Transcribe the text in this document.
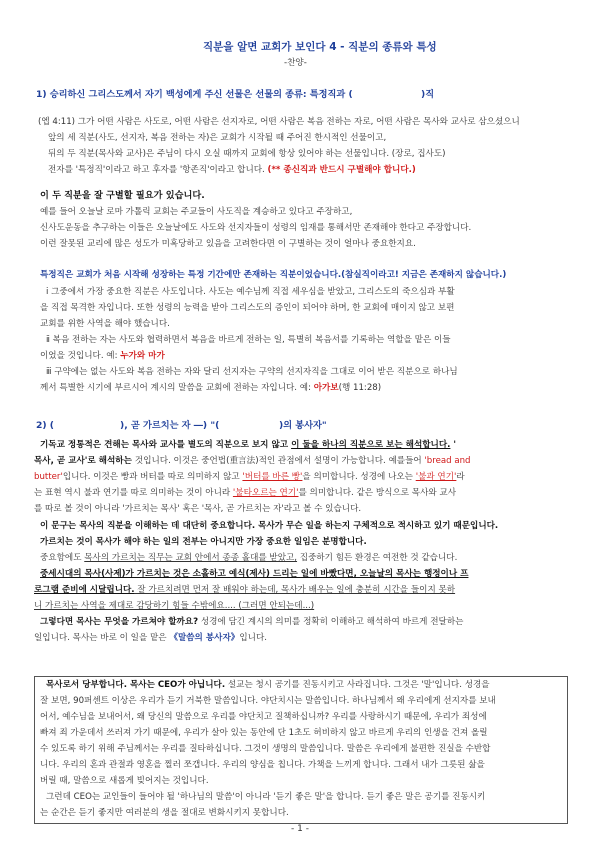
직분을 알면 교회가 보인다 4 - 직분의 종류와 특성
-찬양-
1) 승리하신 그리스도께서 자기 백성에게 주신 선물은 선물의 종류: 특정직과 (	)직
(엡 4:11) 그가 어떤 사람은 사도로, 어떤 사람은 선지자로, 어떤 사람은 복음 전하는 자로, 어떤 사람은 목사와 교사로 삼으셨으니
앞의 세 직분(사도, 선지자, 복음 전하는 자)은 교회가 시작될 때 주어진 한시적인 선물이고,
뒤의 두 직분(목사와 교사)은 주님이 다시 오실 때까지 교회에 항상 있어야 하는 선물입니다. (장로, 집사도)
전자를 '특정직'이라고 하고 후자를 '항존직'이라고 합니다. (** 종신직과 반드시 구별해야 합니다.)
이 두 직분을 잘 구별할 필요가 있습니다.
예를 들어 오늘날 로마 가톨릭 교회는 주교들이 사도직을 계승하고 있다고 주장하고,
신사도운동을 추구하는 이들은 오늘날에도 사도와 선지자들이 성령의 임재를 통해서만 존재해야 한다고 주장합니다.
이런 잘못된 교리에 많은 성도가 미혹당하고 있음을 고려한다면 이 구별하는 것이 얼마나 중요한지요.
특정직은 교회가 처음 시작해 성장하는 특정 기간에만 존재하는 직분이었습니다.(참실직이라고! 지금은 존재하지 않습니다.)
ⅰ 그중에서 가장 중요한 직분은 사도입니다. 사도는 예수님께 직접 세우심을 받았고, 그리스도의 죽으심과 부활
을 직접 목격한 자입니다. 또한 성령의 능력을 받아 그리스도의 증인이 되어야 하며, 한 교회에 매이지 않고 보편
교회를 위한 사역을 해야 했습니다.
ⅱ 복음 전하는 자는 사도와 협력하면서 복음을 바르게 전하는 일, 특별히 복음서를 기록하는 역할을 맡은 이들
이었을 것입니다. 예: 누가와 마가
ⅲ 구약에는 없는 사도와 복음 전하는 자와 달리 선지자는 구약의 선지자직을 그대로 이어 받은 직분으로 하나님
께서 특별한 시기에 부르시어 계시의 말씀을 교회에 전하는 자입니다. 예: 아가보(행 11:28)
2) (	), 곧 가르치는 자 ―) "(	)의 봉사자"
기독교 정통적은 견해는 목사와 교사를 별도의 직분으로 보지 않고 이 둘을 하나의 직분으로 보는 해석합니다. '
목사, 곧 교사'로 해석하는 것입니다. 이것은 중언법(重言法)적인 관점에서 설명이 가능합니다. 예를들어 'bread and
butter'입니다. 이것은 빵과 버터를 따로 의미하지 않고 '버터를 바른 빵'을 의미합니다. 성경에 나오는 '불과 연기'라
는 표현 역시 불과 연기를 따로 의미하는 것이 아니라 '불타오르는 연기'를 의미합니다. 같은 방식으로 목사와 교사
를 따로 볼 것이 아니라 '가르치는 목사' 혹은 '목사, 곧 가르치는 자'라고 볼 수 있습니다.
이 문구는 목사의 직분을 이해하는 데 대단히 중요합니다. 목사가 무슨 일을 하는지 구체적으로 적시하고 있기 때문입니다.
가르치는 것이 목사가 해야 하는 일의 전부는 아니지만 가장 중요한 일임은 분명합니다.
중요함에도 목사의 가르치는 직무는 교회 안에서 종종 홀대를 받았고, 집중하기 힘든 환경은 여전한 것 같습니다.
중세시대의 목사(사제)가 가르치는 것은 소홀하고 예식(제사) 드리는 일에 바빴다면, 오늘날의 목사는 행정이나 프
로그램 준비에 시달립니다. 잘 가르치려면 먼저 잘 배워야 하는데, 목사가 배우는 일에 충분히 시간을 들이지 못하
니 가르치는 사역을 제대로 감당하기 힘들 수밖에요.... (그러면 안되는데...)
그렇다면 목사는 무엇을 가르쳐야 할까요? 성경에 담긴 계시의 의미를 정확히 이해하고 해석하여 바르게 전달하는
일입니다. 목사는 바로 이 일을 맡은 《말씀의 봉사자》입니다.
목사로서 당부합니다. 목사는 CEO가 아닙니다. 설교는 청시 공기를 진동시키고 사라집니다. 그것은 '말'입니다. 성경을
잘 보면, 90퍼센트 이상은 우리가 듣기 거북한 말씀입니다. 야단치시는 말씀입니다. 하나님께서 왜 우리에게 선지자를 보내
어서, 예수님을 보내어서, 왜 당신의 말씀으로 우리를 야단치고 질책하십니까? 우리를 사랑하시기 때문에, 우리가 죄성에
빠져 죄 가운데서 쓰러져 가기 때문에, 우리가 살아 있는 동안에 단 1초도 허비하지 않고 바르게 우리의 인생을 건져 올릴
수 있도록 하기 위해 주님께서는 우리를 질타하십니다. 그것이 생명의 말씀입니다. 말씀은 우리에게 불편한 진실을 수반합
니다. 우리의 혼과 관절과 영혼을 찔러 쪼갭니다. 우리의 양심을 칩니다. 가책을 느끼게 합니다. 그래서 내가 그릇된 삶을
버릴 때, 말씀으로 새롭게 빚어지는 것입니다.
그런데 CEO는 교인들이 들어야 될 '하나님의 말씀'이 아니라 '듣기 좋은 말'을 합니다. 듣기 좋은 말은 공기를 진동시키
는 순간은 듣기 좋지만 여러분의 생을 절대로 변화시키지 못합니다.
- 1 -
